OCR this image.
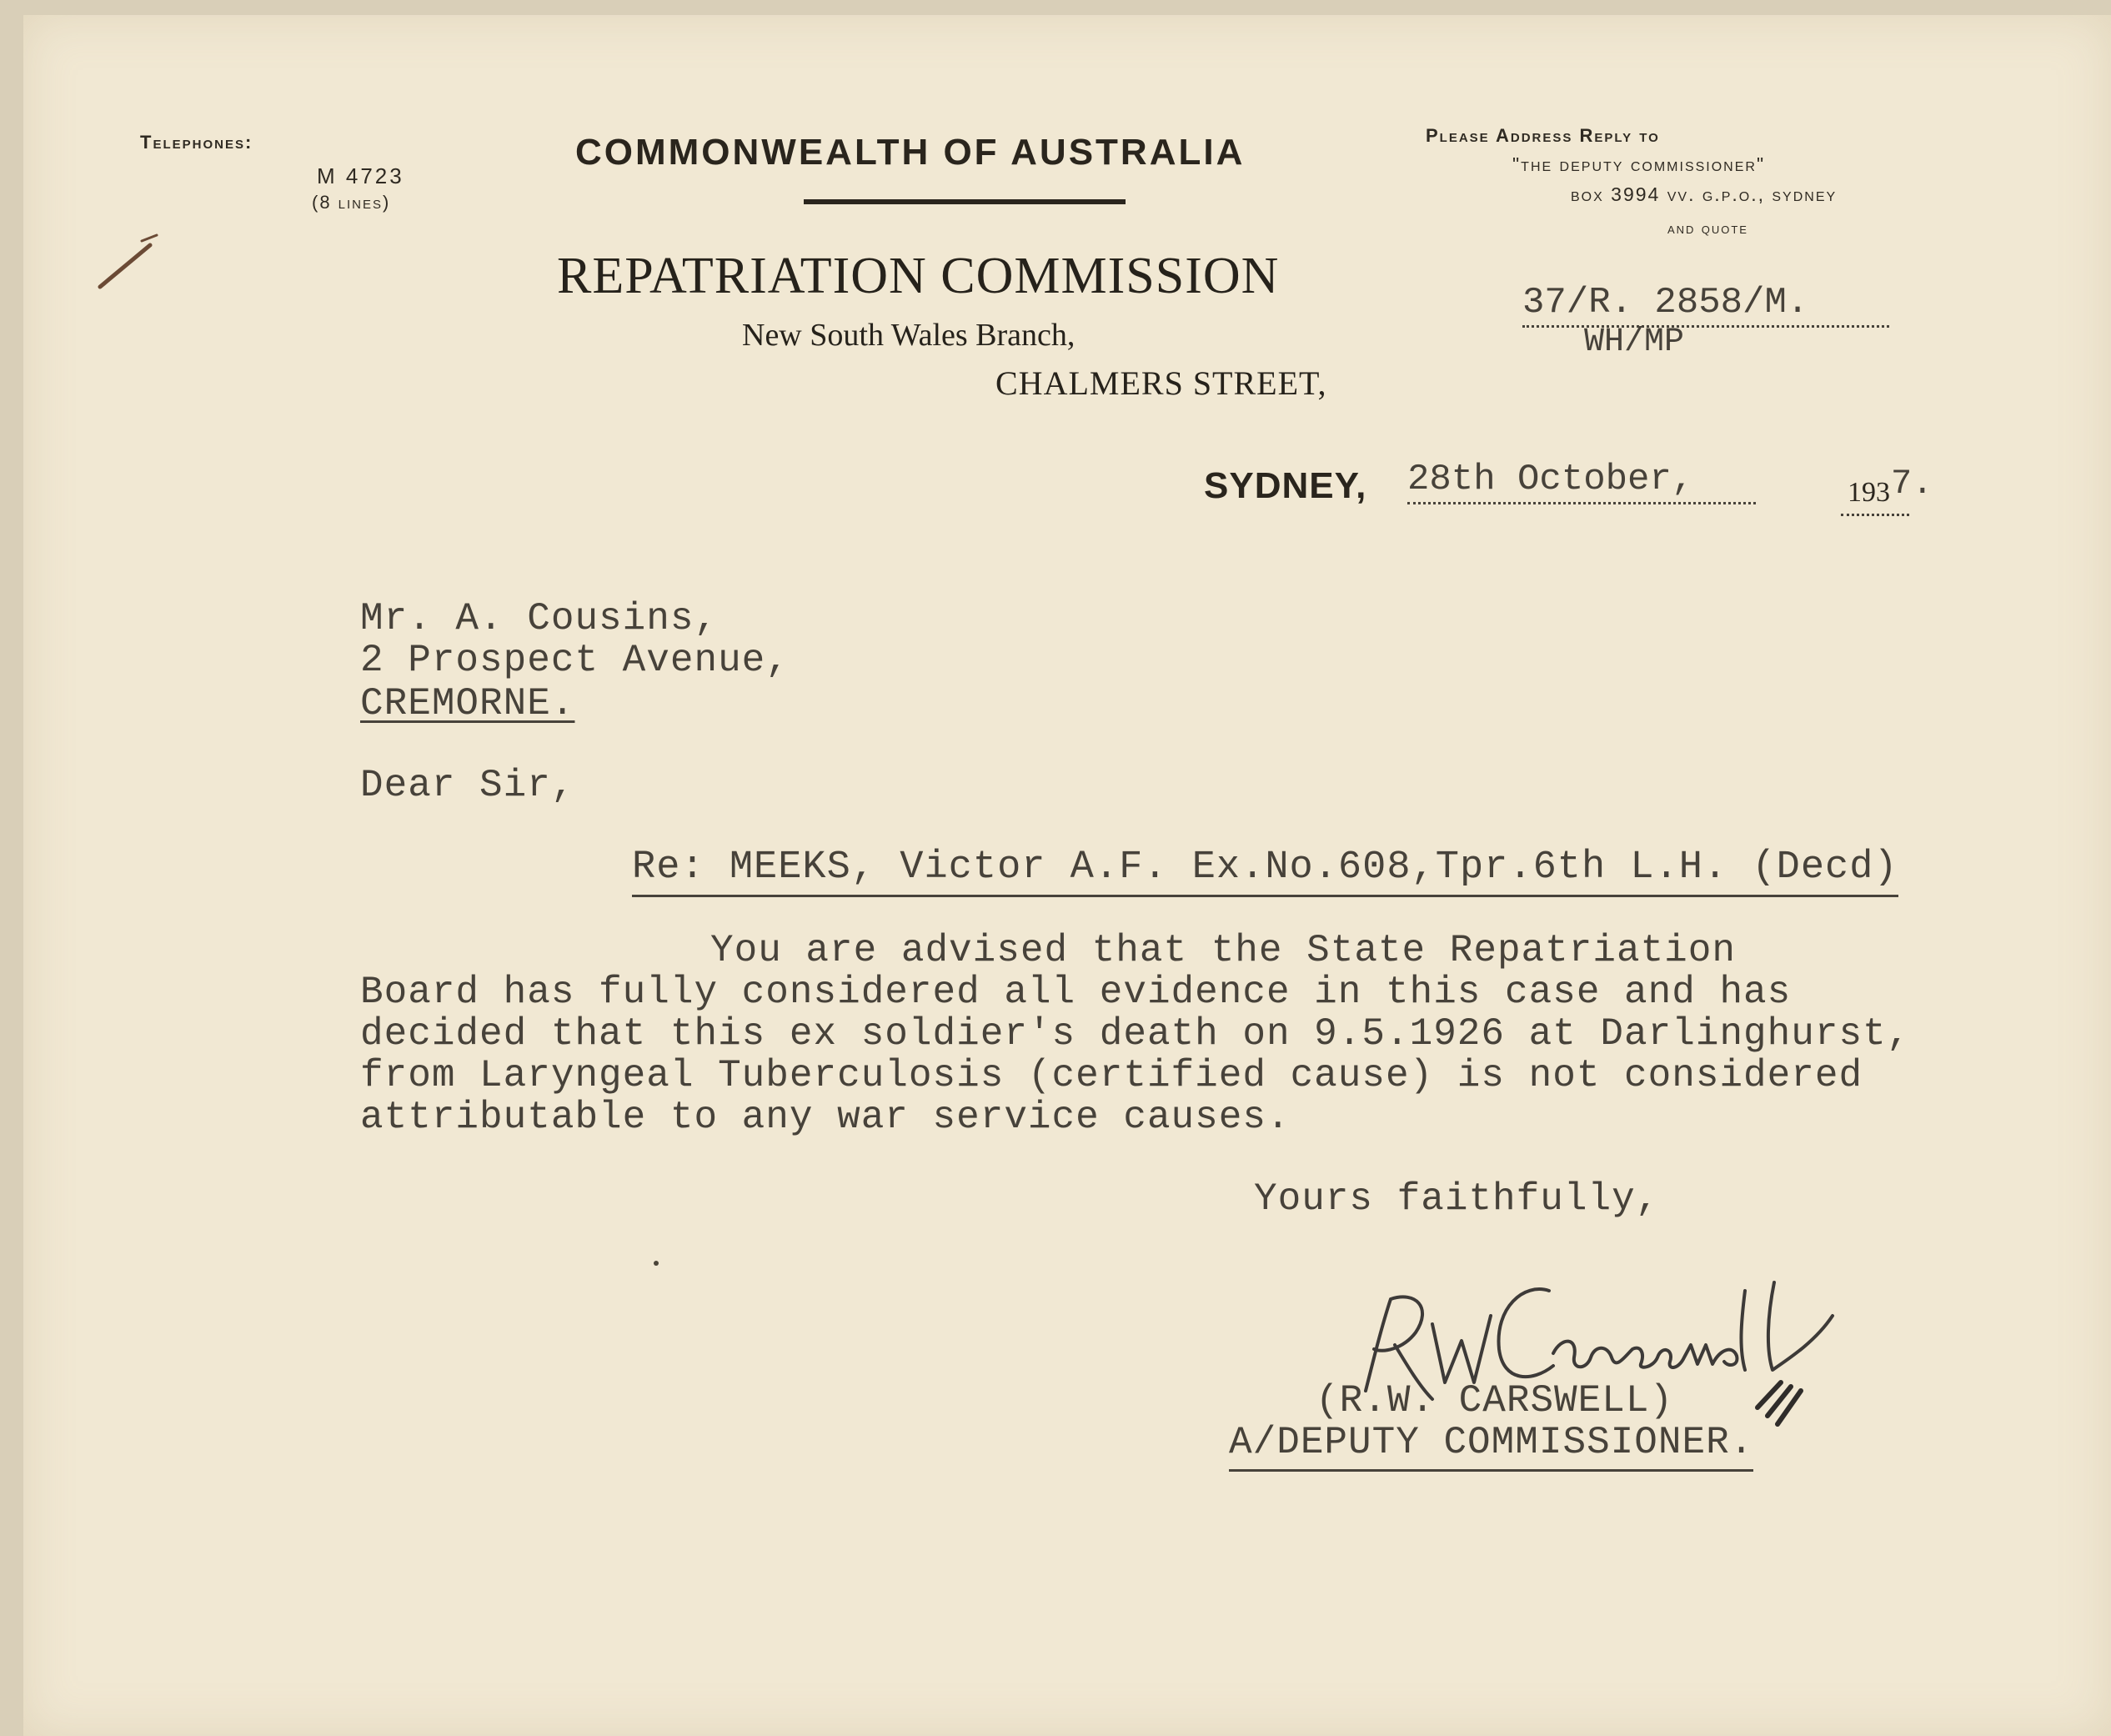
Telephones:
M 4723
(8 lines)
COMMONWEALTH OF AUSTRALIA
REPATRIATION COMMISSION
New South Wales Branch,
CHALMERS STREET,
Please Address Reply to
"the deputy commissioner"
box 3994 vv. g.p.o., sydney
and quote
37/R. 2858/M.
WH/MP
SYDNEY, 28th October,	193 7.
Mr. A. Cousins,
2 Prospect Avenue,
CREMORNE.
Dear Sir,
Re: MEEKS, Victor A.F. Ex.No.608,Tpr.6th L.H. (Decd)
You are advised that the State Repatriation
Board has fully considered all evidence in this case and has
decided that this ex soldier's death on 9.5.1926 at Darlinghurst,
from Laryngeal Tuberculosis (certified cause) is not considered
attributable to any war service causes.
Yours faithfully,
(R.W. CARSWELL)
A/DEPUTY COMMISSIONER.
